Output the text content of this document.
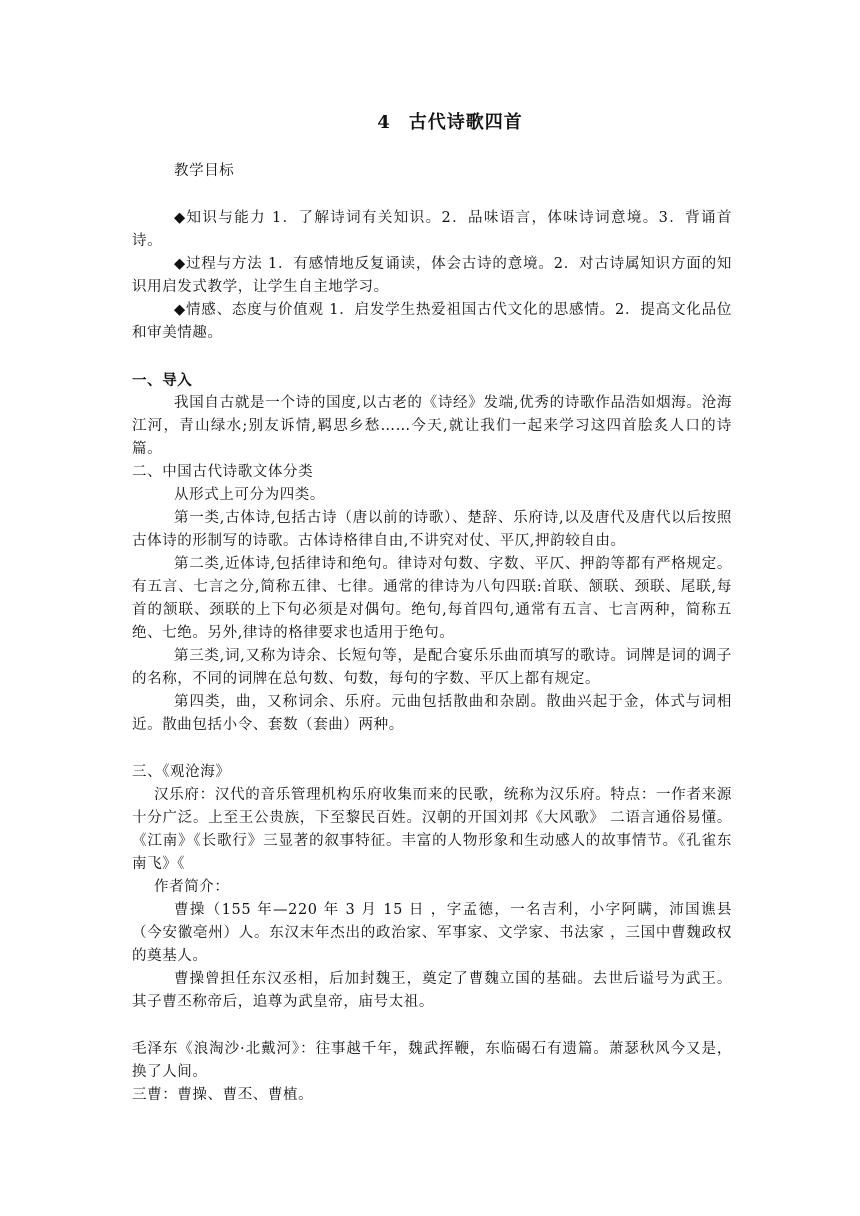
4 古代诗歌四首

教学目标

◆知识与能力 1．了解诗词有关知识。2．品味语言，体味诗词意境。3．背诵首诗。

◆过程与方法 1．有感情地反复诵读，体会古诗的意境。2．对古诗属知识方面的知识用启发式教学，让学生自主地学习。

◆情感、态度与价值观 1．启发学生热爱祖国古代文化的思感情。2．提高文化品位和审美情趣。

一、导入

我国自古就是一个诗的国度,以古老的《诗经》发端,优秀的诗歌作品浩如烟海。沧海江河，青山绿水;别友诉情,羁思乡愁……今天,就让我们一起来学习这四首脍炙人口的诗篇。

二、中国古代诗歌文体分类

从形式上可分为四类。

第一类,古体诗,包括古诗（唐以前的诗歌）、楚辞、乐府诗,以及唐代及唐代以后按照古体诗的形制写的诗歌。古体诗格律自由,不讲究对仗、平仄,押韵较自由。

第二类,近体诗,包括律诗和绝句。律诗对句数、字数、平仄、押韵等都有严格规定。有五言、七言之分,简称五律、七律。通常的律诗为八句四联:首联、颔联、颈联、尾联,每首的颔联、颈联的上下句必须是对偶句。绝句,每首四句,通常有五言、七言两种，简称五绝、七绝。另外,律诗的格律要求也适用于绝句。

第三类,词,又称为诗余、长短句等，是配合宴乐乐曲而填写的歌诗。词牌是词的调子的名称，不同的词牌在总句数、句数，每句的字数、平仄上都有规定。

第四类，曲，又称词余、乐府。元曲包括散曲和杂剧。散曲兴起于金，体式与词相近。散曲包括小令、套数（套曲）两种。

三、《观沧海》

汉乐府：汉代的音乐管理机构乐府收集而来的民歌，统称为汉乐府。特点：一作者来源十分广泛。上至王公贵族，下至黎民百姓。汉朝的开国刘邦《大风歌》 二语言通俗易懂。《江南》《长歌行》三显著的叙事特征。丰富的人物形象和生动感人的故事情节。《孔雀东南飞》《

作者简介：

曹操（155 年—220 年 3 月 15 日 ，字孟德，一名吉利，小字阿瞒，沛国谯县（今安徽亳州）人。东汉末年杰出的政治家、军事家、文学家、书法家 ，三国中曹魏政权的奠基人。

曹操曾担任东汉丞相，后加封魏王，奠定了曹魏立国的基础。去世后谥号为武王。其子曹丕称帝后，追尊为武皇帝，庙号太祖。

毛泽东《浪淘沙·北戴河》：往事越千年，魏武挥鞭，东临碣石有遗篇。萧瑟秋风今又是，换了人间。

三曹：曹操、曹丕、曹植。
